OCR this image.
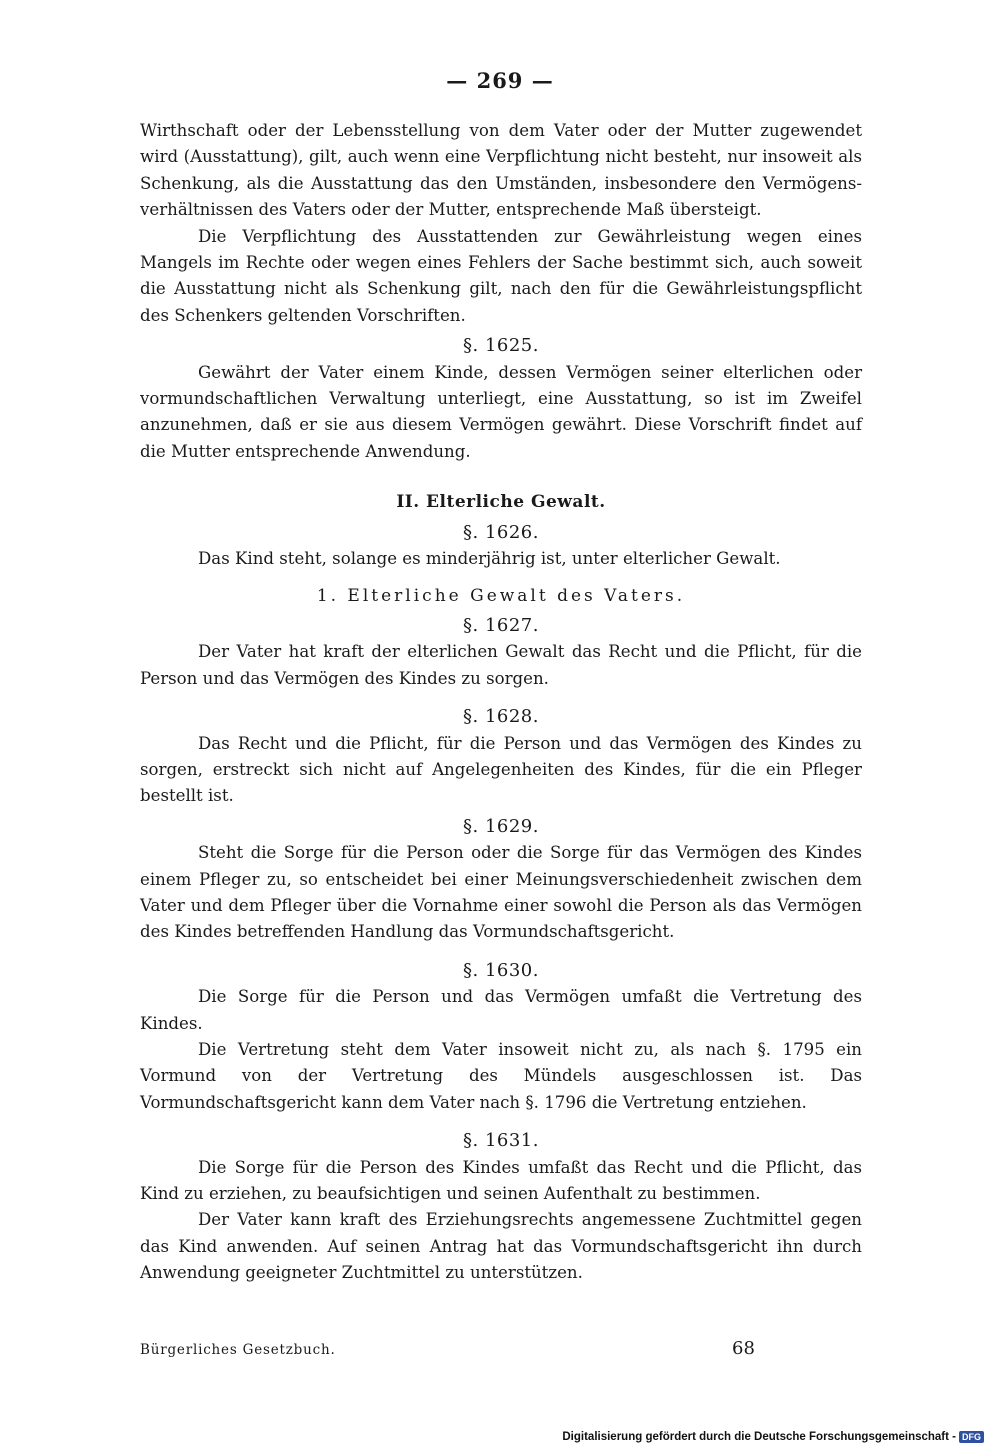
— 269 —

Wirthschaft oder der Lebensstellung von dem Vater oder der Mutter zugewendet wird (Ausstattung), gilt, auch wenn eine Verpflichtung nicht besteht, nur insoweit als Schenkung, als die Ausstattung das den Umständen, insbesondere den Vermögens-verhältnissen des Vaters oder der Mutter, entsprechende Maß übersteigt.

Die Verpflichtung des Ausstattenden zur Gewährleistung wegen eines Mangels im Rechte oder wegen eines Fehlers der Sache bestimmt sich, auch soweit die Ausstattung nicht als Schenkung gilt, nach den für die Gewährleistungspflicht des Schenkers geltenden Vorschriften.

§. 1625.

Gewährt der Vater einem Kinde, dessen Vermögen seiner elterlichen oder vormundschaftlichen Verwaltung unterliegt, eine Ausstattung, so ist im Zweifel anzunehmen, daß er sie aus diesem Vermögen gewährt. Diese Vorschrift findet auf die Mutter entsprechende Anwendung.

II. Elterliche Gewalt.
§. 1626.

Das Kind steht, solange es minderjährig ist, unter elterlicher Gewalt.

1. Elterliche Gewalt des Vaters.
§. 1627.

Der Vater hat kraft der elterlichen Gewalt das Recht und die Pflicht, für die Person und das Vermögen des Kindes zu sorgen.

§. 1628.

Das Recht und die Pflicht, für die Person und das Vermögen des Kindes zu sorgen, erstreckt sich nicht auf Angelegenheiten des Kindes, für die ein Pfleger bestellt ist.

§. 1629.

Steht die Sorge für die Person oder die Sorge für das Vermögen des Kindes einem Pfleger zu, so entscheidet bei einer Meinungsverschiedenheit zwischen dem Vater und dem Pfleger über die Vornahme einer sowohl die Person als das Vermögen des Kindes betreffenden Handlung das Vormundschaftsgericht.

§. 1630.

Die Sorge für die Person und das Vermögen umfaßt die Vertretung des Kindes.

Die Vertretung steht dem Vater insoweit nicht zu, als nach §. 1795 ein Vormund von der Vertretung des Mündels ausgeschlossen ist. Das Vormundschaftsgericht kann dem Vater nach §. 1796 die Vertretung entziehen.

§. 1631.

Die Sorge für die Person des Kindes umfaßt das Recht und die Pflicht, das Kind zu erziehen, zu beaufsichtigen und seinen Aufenthalt zu bestimmen.

Der Vater kann kraft des Erziehungsrechts angemessene Zuchtmittel gegen das Kind anwenden. Auf seinen Antrag hat das Vormundschaftsgericht ihn durch Anwendung geeigneter Zuchtmittel zu unterstützen.

Bürgerliches Gesetzbuch.	68
Digitalisierung gefördert durch die Deutsche Forschungsgemeinschaft - DFG
